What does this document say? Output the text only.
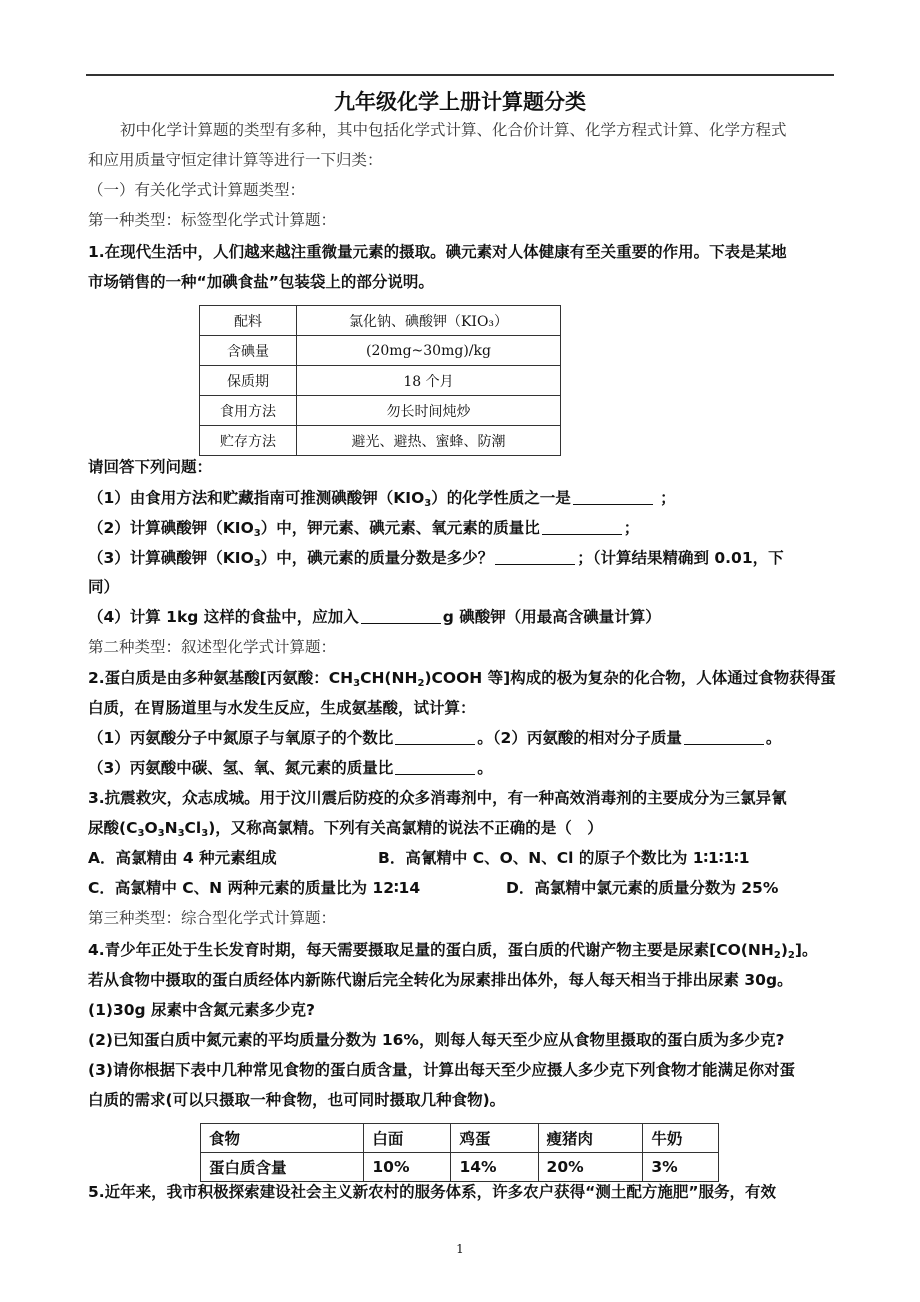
九年级化学上册计算题分类
初中化学计算题的类型有多种，其中包括化学式计算、化合价计算、化学方程式计算、化学方程式
和应用质量守恒定律计算等进行一下归类：
（一）有关化学式计算题类型：
第一种类型：标签型化学式计算题：
1.在现代生活中，人们越来越注重微量元素的摄取。碘元素对人体健康有至关重要的作用。下表是某地
市场销售的一种“加碘食盐”包装袋上的部分说明。
请回答下列问题：
（1）由食用方法和贮藏指南可推测碘酸钾$(KIO_3)$的化学性质之一是	；
（2）计算碘酸钾$(KIO_3)$中，钾元素、碘元素、氧元素的质量比	；
（3）计算碘酸钾$(KIO_3)$中，碘元素的质量分数是多少？	；（计算结果精确到 0.01，下
同）
（4）计算 1kg 这样的食盐中，应加入	g 碘酸钾（用最高含碘量计算）
第二种类型：叙述型化学式计算题：
2.蛋白质是由多种氨基酸[丙氨酸：$CH_3CH(NH_2)COOH$ 等]构成的极为复杂的化合物，人体通过食物获得蛋
白质，在胃肠道里与水发生反应，生成氨基酸，试计算：
（1）丙氨酸分子中氮原子与氧原子的个数比	。（2）丙氨酸的相对分子质量	。
（3）丙氨酸中碳、氢、氧、氮元素的质量比	。
3.抗震救灾，众志成城。用于汶川震后防疫的众多消毒剂中，有一种高效消毒剂的主要成分为三氯异氰
尿酸$(C_3O_3N_3Cl_3)$，又称高氯精。下列有关高氯精的说法不正确的是（　）
A．高氯精由 4 种元素组成	B．高氰精中 C、O、N、Cl 的原子个数比为 1∶1∶1∶1
C．高氯精中 C、N 两种元素的质量比为 12∶14	D．高氯精中氯元素的质量分数为 25%
第三种类型：综合型化学式计算题：
4.青少年正处于生长发育时期，每天需要摄取足量的蛋白质，蛋白质的代谢产物主要是尿素$[CO(NH_2)_2]$。
若从食物中摄取的蛋白质经体内新陈代谢后完全转化为尿素排出体外，每人每天相当于排出尿素 30g。
(1)30g 尿素中含氮元素多少克?
(2)已知蛋白质中氮元素的平均质量分数为 16%，则每人每天至少应从食物里摄取的蛋白质为多少克?
(3)请你根据下表中几种常见食物的蛋白质含量，计算出每天至少应摄人多少克下列食物才能满足你对蛋
白质的需求(可以只摄取一种食物，也可同时摄取几种食物)。
5.近年来，我市积极探索建设社会主义新农村的服务体系，许多农户获得“测土配方施肥”服务，有效
配料	氯化钠、碘酸钾（KIO₃）
含碘量	(20mg~30mg)/kg
保质期	18 个月
食用方法	勿长时间炖炒
贮存方法	避光、避热、蜜蜂、防潮
食物	白面	鸡蛋	瘦猪肉	牛奶
蛋白质含量	10%	14%	20%	3%
1
